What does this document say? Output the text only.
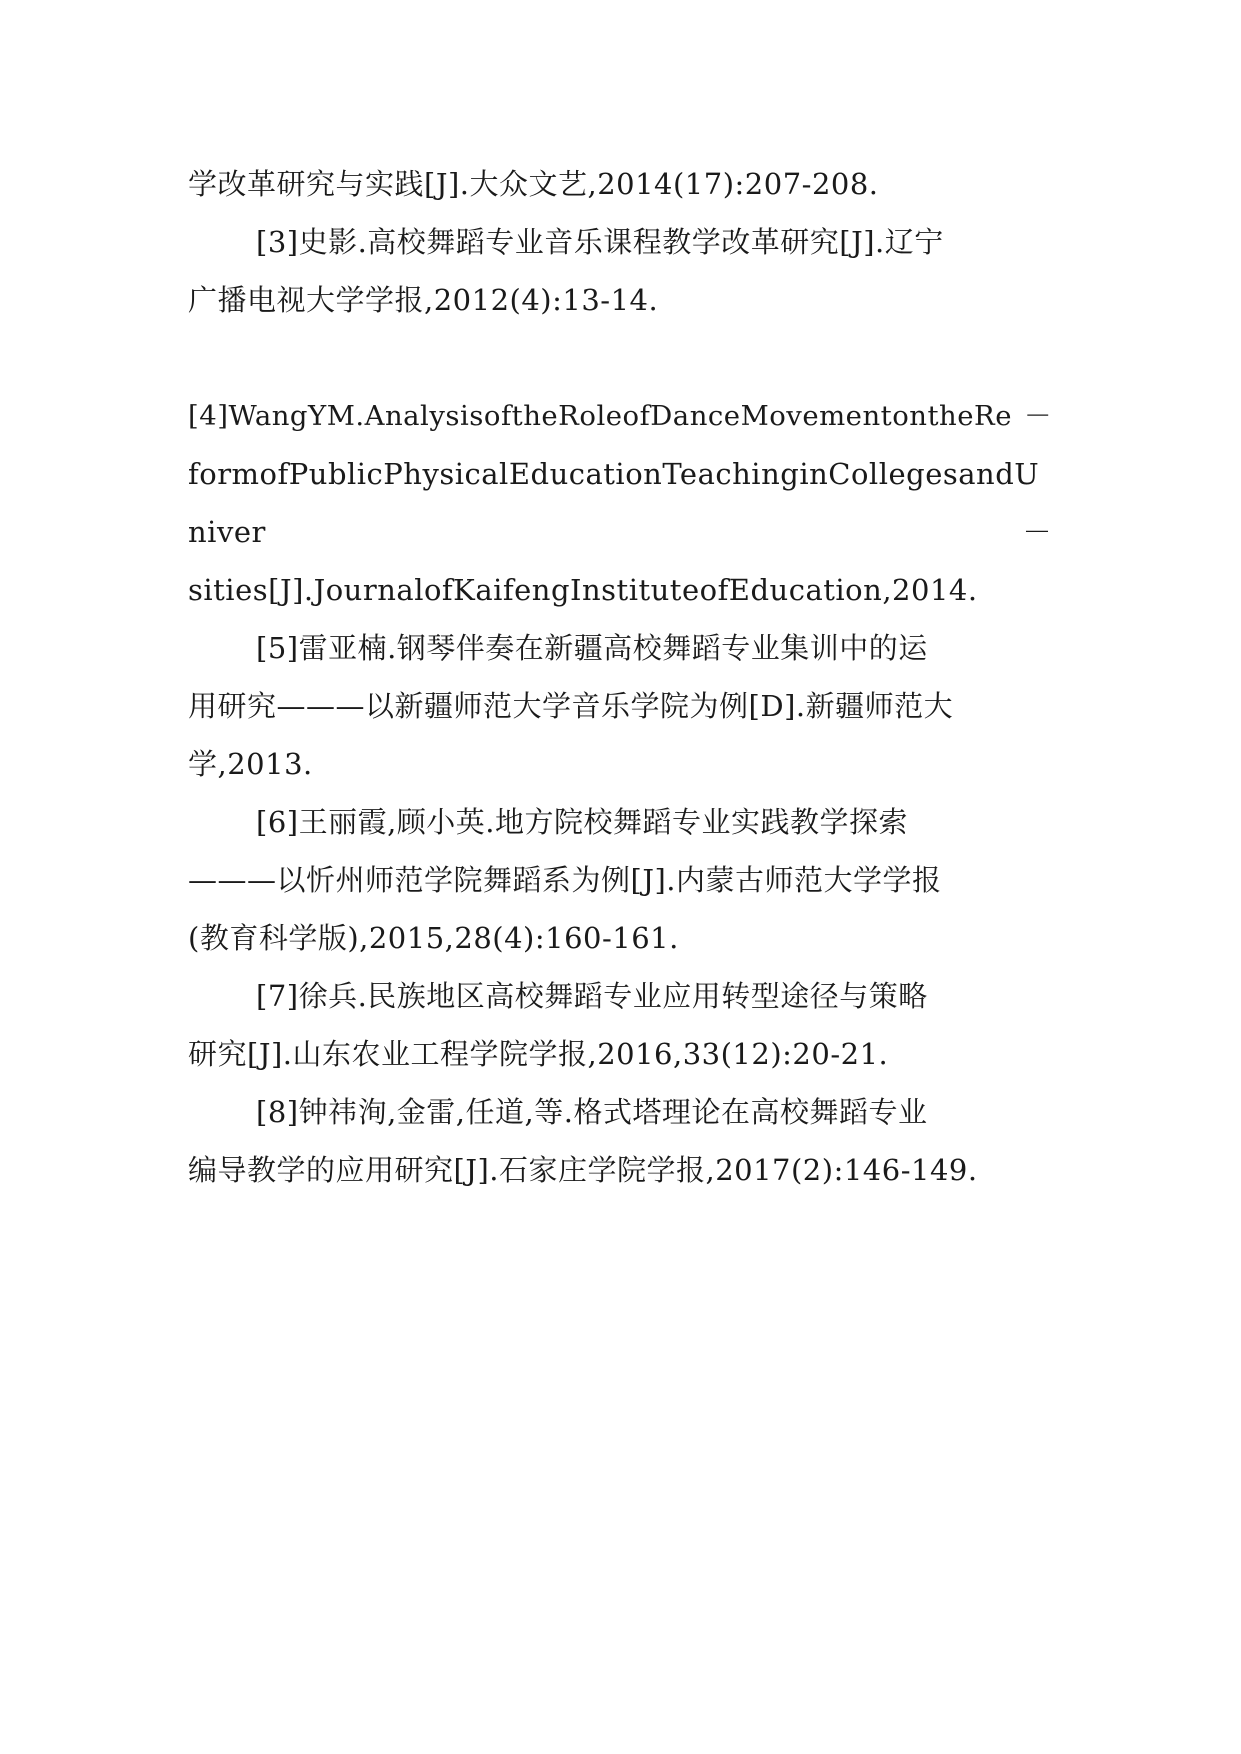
学改革研究与实践[J].大众文艺,2014(17):207-208.
[3]史影.高校舞蹈专业音乐课程教学改革研究[J].辽宁
广播电视大学学报,2012(4):13-14.
[4]WangYM.AnalysisoftheRoleofDanceMovementontheRe －
formofPublicPhysicalEducationTeachinginCollegesandU
niver	－
sities[J].JournalofKaifengInstituteofEducation,2014.
[5]雷亚楠.钢琴伴奏在新疆高校舞蹈专业集训中的运
用研究———以新疆师范大学音乐学院为例[D].新疆师范大
学,2013.
[6]王丽霞,顾小英.地方院校舞蹈专业实践教学探索
———以忻州师范学院舞蹈系为例[J].内蒙古师范大学学报
(教育科学版),2015,28(4):160-161.
[7]徐兵.民族地区高校舞蹈专业应用转型途径与策略
研究[J].山东农业工程学院学报,2016,33(12):20-21.
[8]钟祎洵,金雷,任道,等.格式塔理论在高校舞蹈专业
编导教学的应用研究[J].石家庄学院学报,2017(2):146-149.
